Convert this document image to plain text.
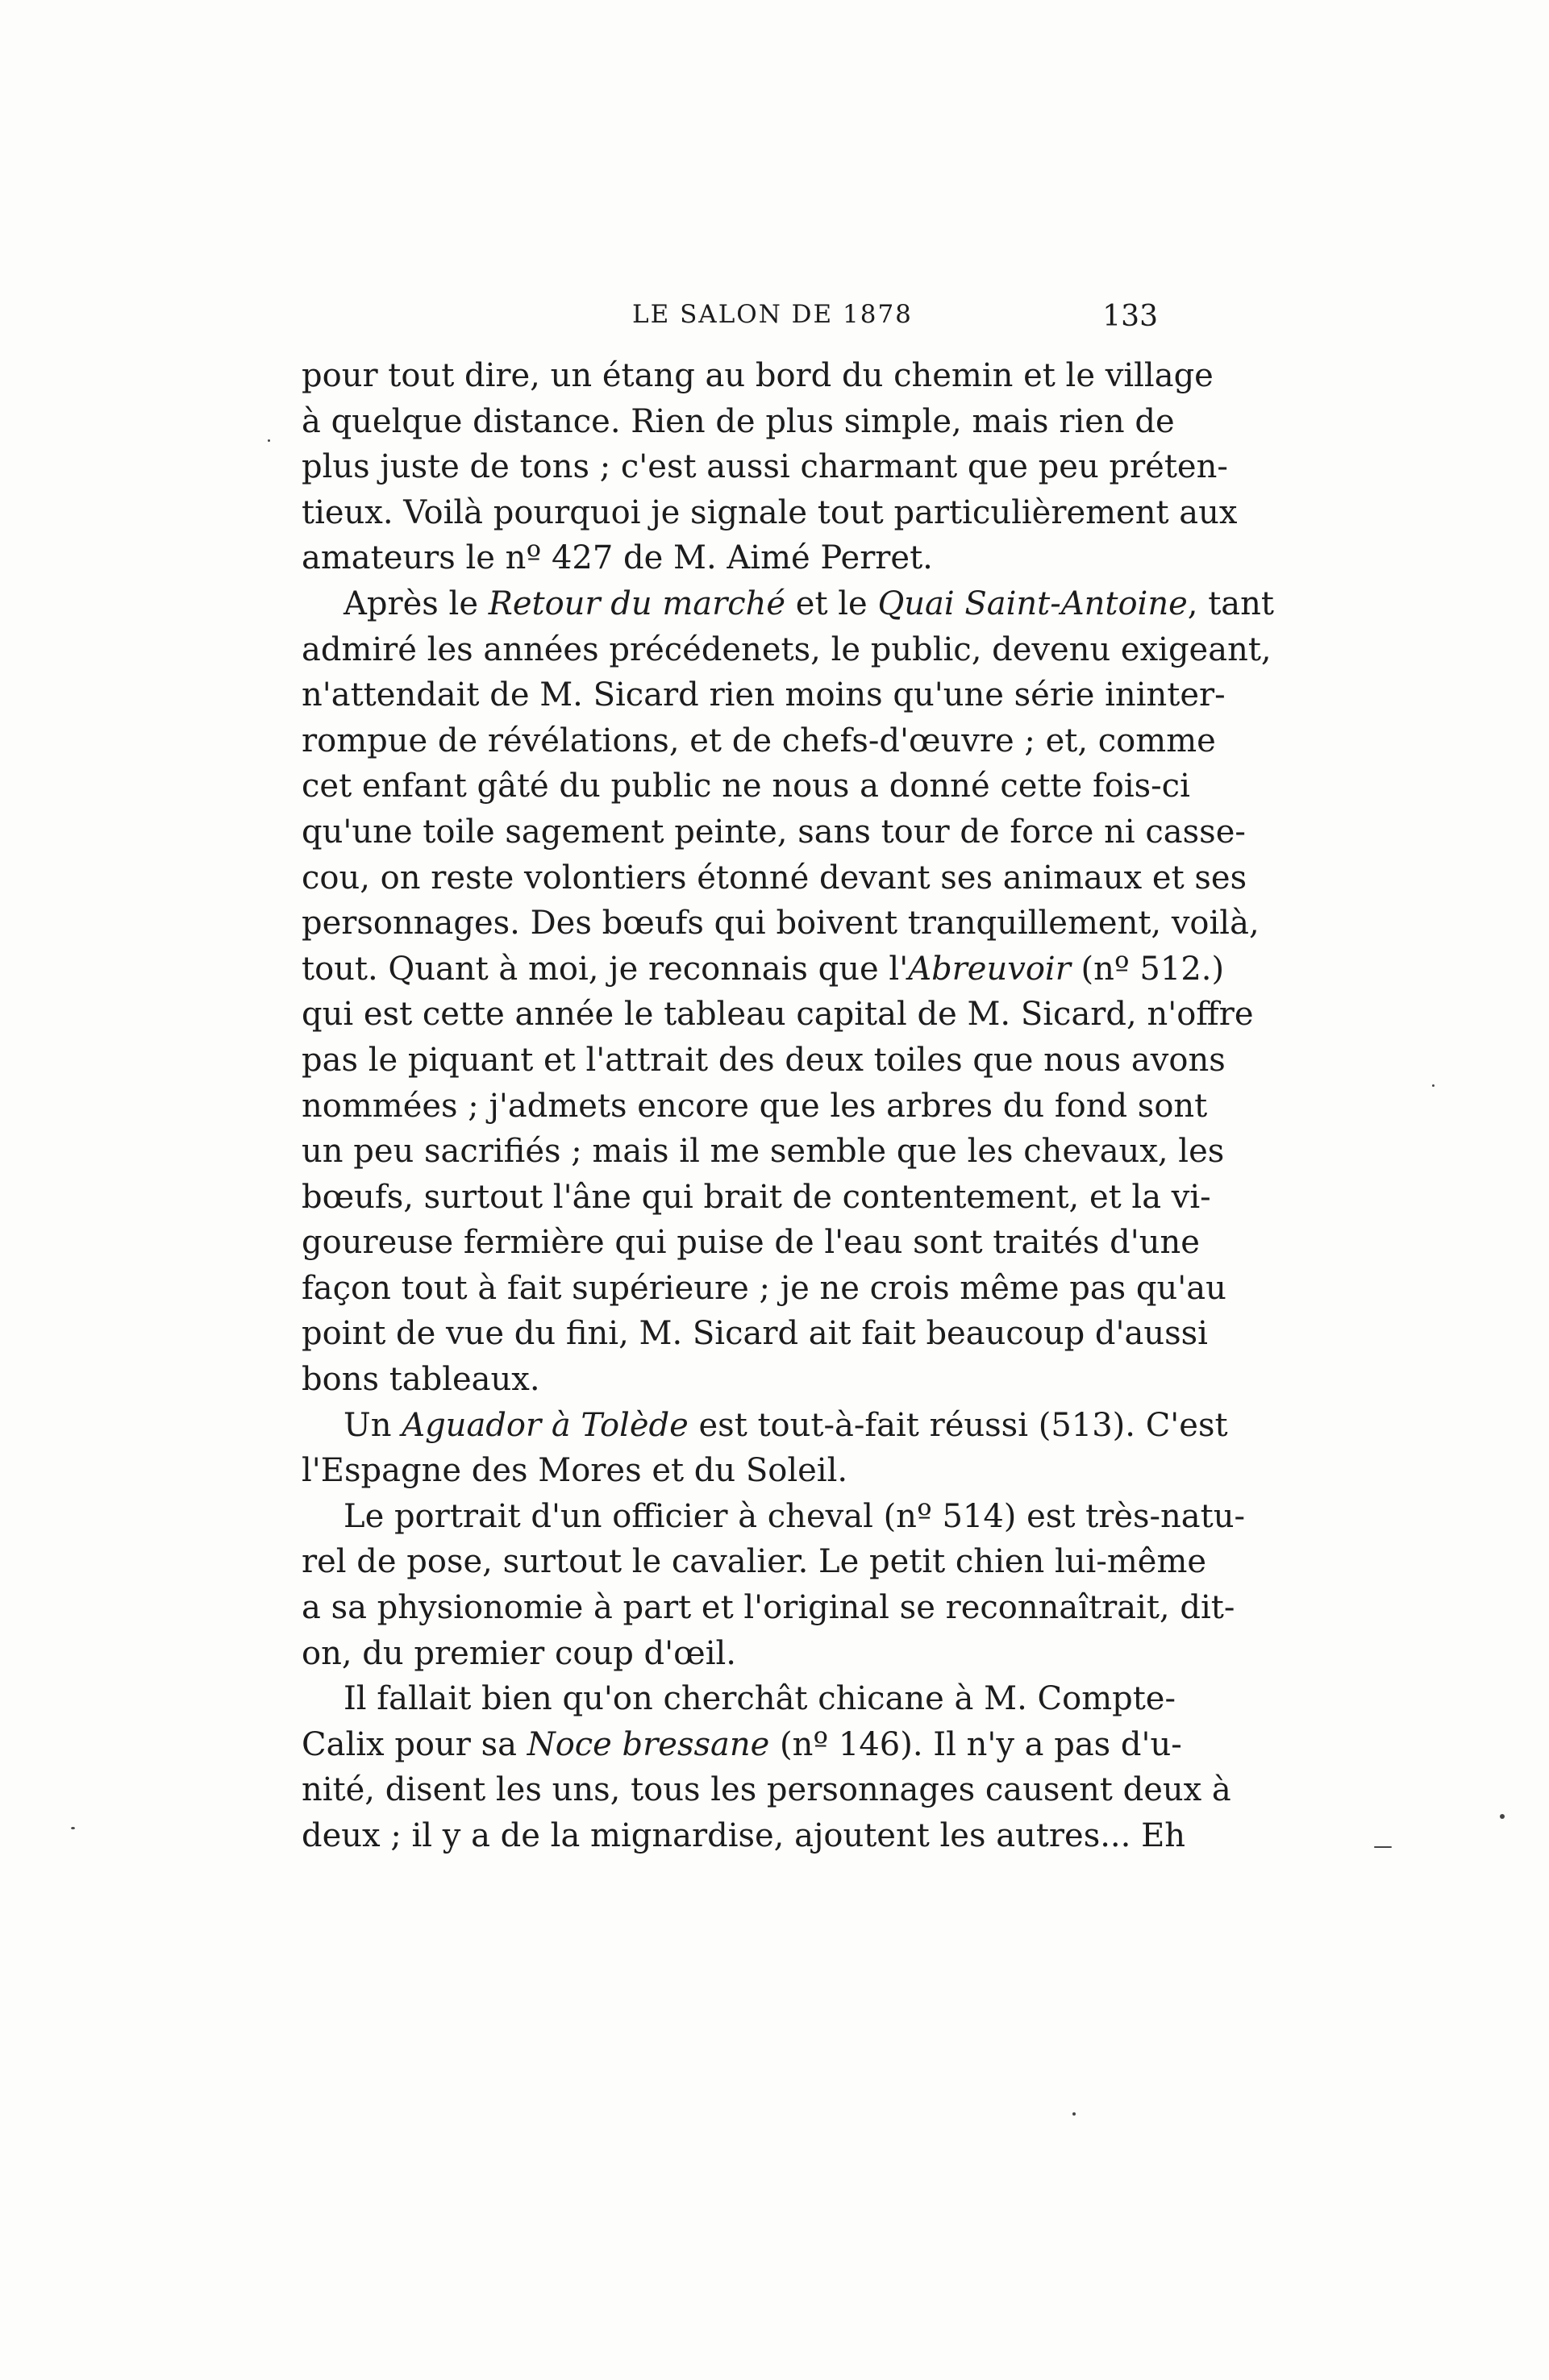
LE SALON DE 1878	133
pour tout dire, un étang au bord du chemin et le village
à quelque distance. Rien de plus simple, mais rien de
plus juste de tons ; c'est aussi charmant que peu préten-
tieux. Voilà pourquoi je signale tout particulièrement aux
amateurs le nº 427 de M. Aimé Perret.
Après le Retour du marché et le Quai Saint-Antoine, tant
admiré les années précédenets, le public, devenu exigeant,
n'attendait de M. Sicard rien moins qu'une série ininter-
rompue de révélations, et de chefs-d'œuvre ; et, comme
cet enfant gâté du public ne nous a donné cette fois-ci
qu'une toile sagement peinte, sans tour de force ni casse-
cou, on reste volontiers étonné devant ses animaux et ses
personnages. Des bœufs qui boivent tranquillement, voilà,
tout. Quant à moi, je reconnais que l'Abreuvoir (nº 512.)
qui est cette année le tableau capital de M. Sicard, n'offre
pas le piquant et l'attrait des deux toiles que nous avons
nommées ; j'admets encore que les arbres du fond sont
un peu sacrifiés ; mais il me semble que les chevaux, les
bœufs, surtout l'âne qui brait de contentement, et la vi-
goureuse fermière qui puise de l'eau sont traités d'une
façon tout à fait supérieure ; je ne crois même pas qu'au
point de vue du fini, M. Sicard ait fait beaucoup d'aussi
bons tableaux.
Un Aguador à Tolède est tout-à-fait réussi (513). C'est
l'Espagne des Mores et du Soleil.
Le portrait d'un officier à cheval (nº 514) est très-natu-
rel de pose, surtout le cavalier. Le petit chien lui-même
a sa physionomie à part et l'original se reconnaîtrait, dit-
on, du premier coup d'œil.
Il fallait bien qu'on cherchât chicane à M. Compte-
Calix pour sa Noce bressane (nº 146). Il n'y a pas d'u-
nité, disent les uns, tous les personnages causent deux à
deux ; il y a de la mignardise, ajoutent les autres... Eh
